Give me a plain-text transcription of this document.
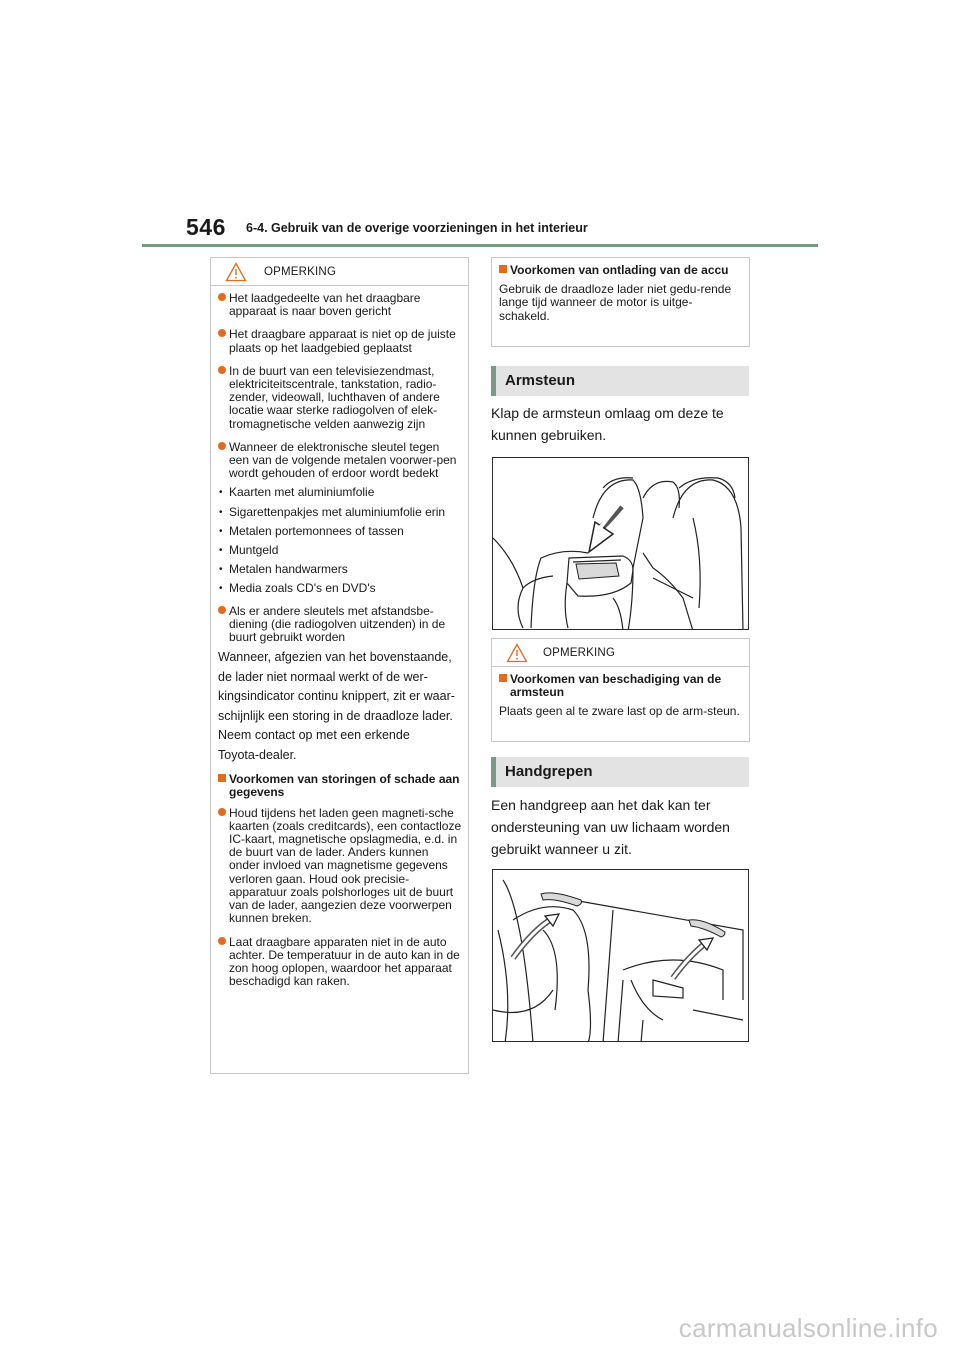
546 6-4. Gebruik van de overige voorzieningen in het interieur
OPMERKING
Het laadgedeelte van het draagbare apparaat is naar boven gericht
Het draagbare apparaat is niet op de juiste plaats op het laadgebied geplaatst
In de buurt van een televisiezendmast, elektriciteitscentrale, tankstation, radio-zender, videowall, luchthaven of andere locatie waar sterke radiogolven of elek-tromagnetische velden aanwezig zijn
Wanneer de elektronische sleutel tegen een van de volgende metalen voorwer-pen wordt gehouden of erdoor wordt bedekt
• Kaarten met aluminiumfolie
• Sigarettenpakjes met aluminiumfolie erin
• Metalen portemonnees of tassen
• Muntgeld
• Metalen handwarmers
• Media zoals CD's en DVD's
Als er andere sleutels met afstandsbe-diening (die radiogolven uitzenden) in de buurt gebruikt worden
Wanneer, afgezien van het bovenstaande,
de lader niet normaal werkt of de wer-
kingsindicator continu knippert, zit er waar-
schijnlijk een storing in de draadloze lader.
Neem contact op met een erkende
Toyota-dealer.
Voorkomen van storingen of schade aan gegevens
Houd tijdens het laden geen magneti-sche kaarten (zoals creditcards), een contactloze IC-kaart, magnetische opslagmedia, e.d. in de buurt van de lader. Anders kunnen onder invloed van magnetisme gegevens verloren gaan. Houd ook precisie-apparatuur zoals polshorloges uit de buurt van de lader, aangezien deze voorwerpen kunnen breken.
Laat draagbare apparaten niet in de auto achter. De temperatuur in de auto kan in de zon hoog oplopen, waardoor het apparaat beschadigd kan raken.
Voorkomen van ontlading van de accu
Gebruik de draadloze lader niet gedu-rende lange tijd wanneer de motor is uitge-schakeld.
Armsteun
Klap de armsteun omlaag om deze te kunnen gebruiken.
OPMERKING
Voorkomen van beschadiging van de armsteun
Plaats geen al te zware last op de arm-steun.
Handgrepen
Een handgreep aan het dak kan ter ondersteuning van uw lichaam worden gebruikt wanneer u zit.
carmanualsonline.info
